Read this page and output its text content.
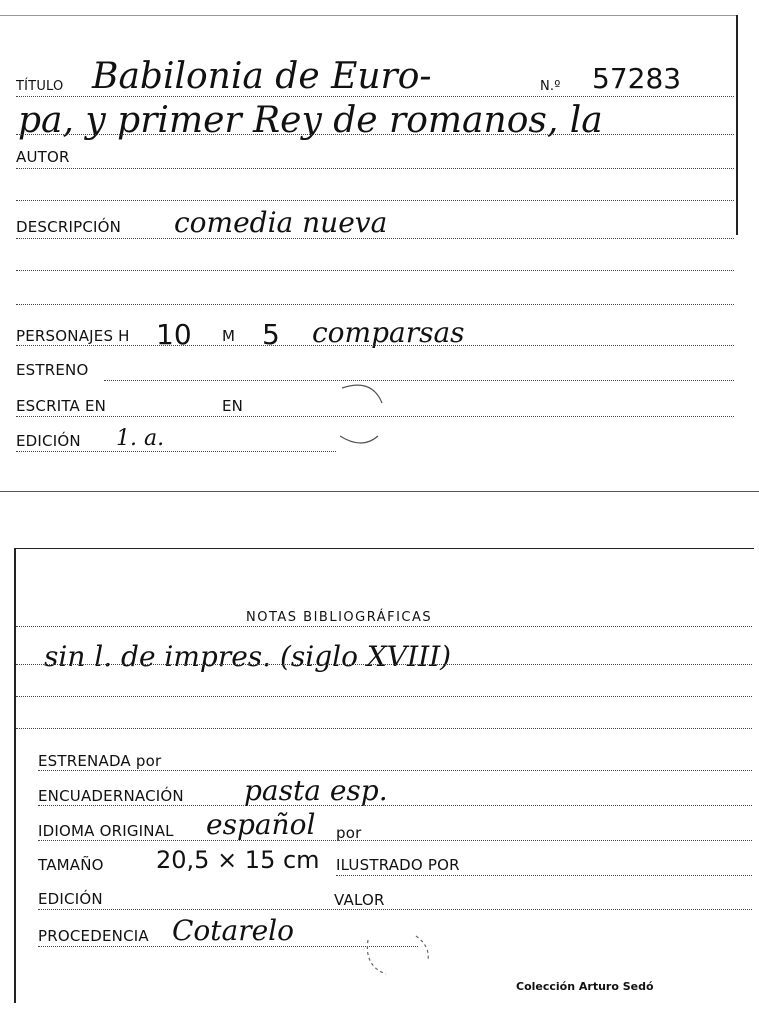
TÍTULO Babilonia de Euro-	N.º 57283
pa, y primer Rey de romanos, la
AUTOR
DESCRIPCIÓN comedia nueva
PERSONAJES H 10 M 5 comparsas
ESTRENO
ESCRITA EN	EN
EDICIÓN 1. a.
NOTAS BIBLIOGRÁFICAS
sin l. de impres. (siglo XVIII)
ESTRENADA por
ENCUADERNACIÓN pasta esp.
IDIOMA ORIGINAL español por
TAMAÑO 20,5 × 15 cm ILUSTRADO POR
EDICIÓN	VALOR
PROCEDENCIA Cotarelo
Colección Arturo Sedó
